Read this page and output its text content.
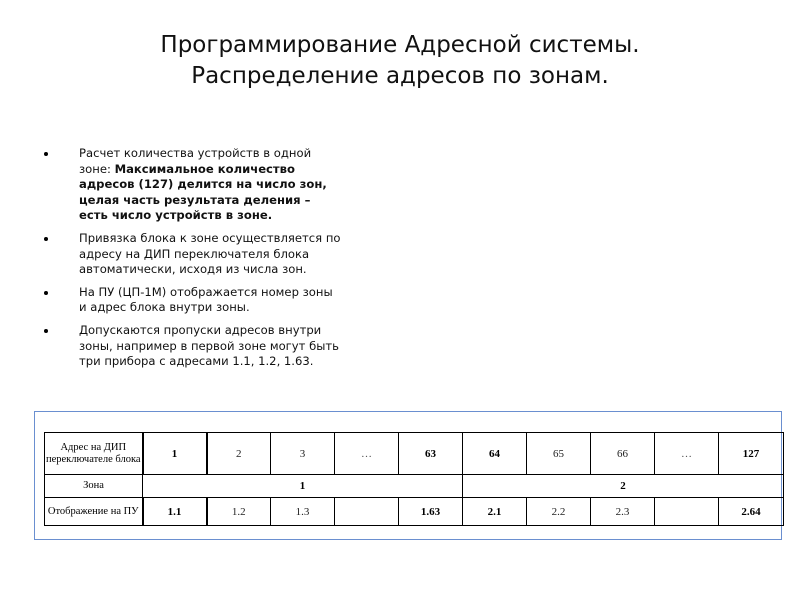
Программирование Адресной системы.
Распределение адресов по зонам.
Расчет количества устройств в одной зоне: Максимальное количество адресов (127) делится на число зон, целая часть результата деления – есть число устройств в зоне.
Привязка блока к зоне осуществляется по адресу на ДИП переключателя блока автоматически, исходя из числа зон.
На ПУ (ЦП-1М) отображается номер зоны и адрес блока внутри зоны.
Допускаются пропуски адресов внутри зоны, например в первой зоне могут быть три прибора с адресами 1.1, 1.2, 1.63.
Адрес на ДИП переключателе блока	1	2	3	…	63	64	65	66	…	127
Зона	1					2				
Отображение на ПУ	1.1	1.2	1.3		1.63	2.1	2.2	2.3		2.64
